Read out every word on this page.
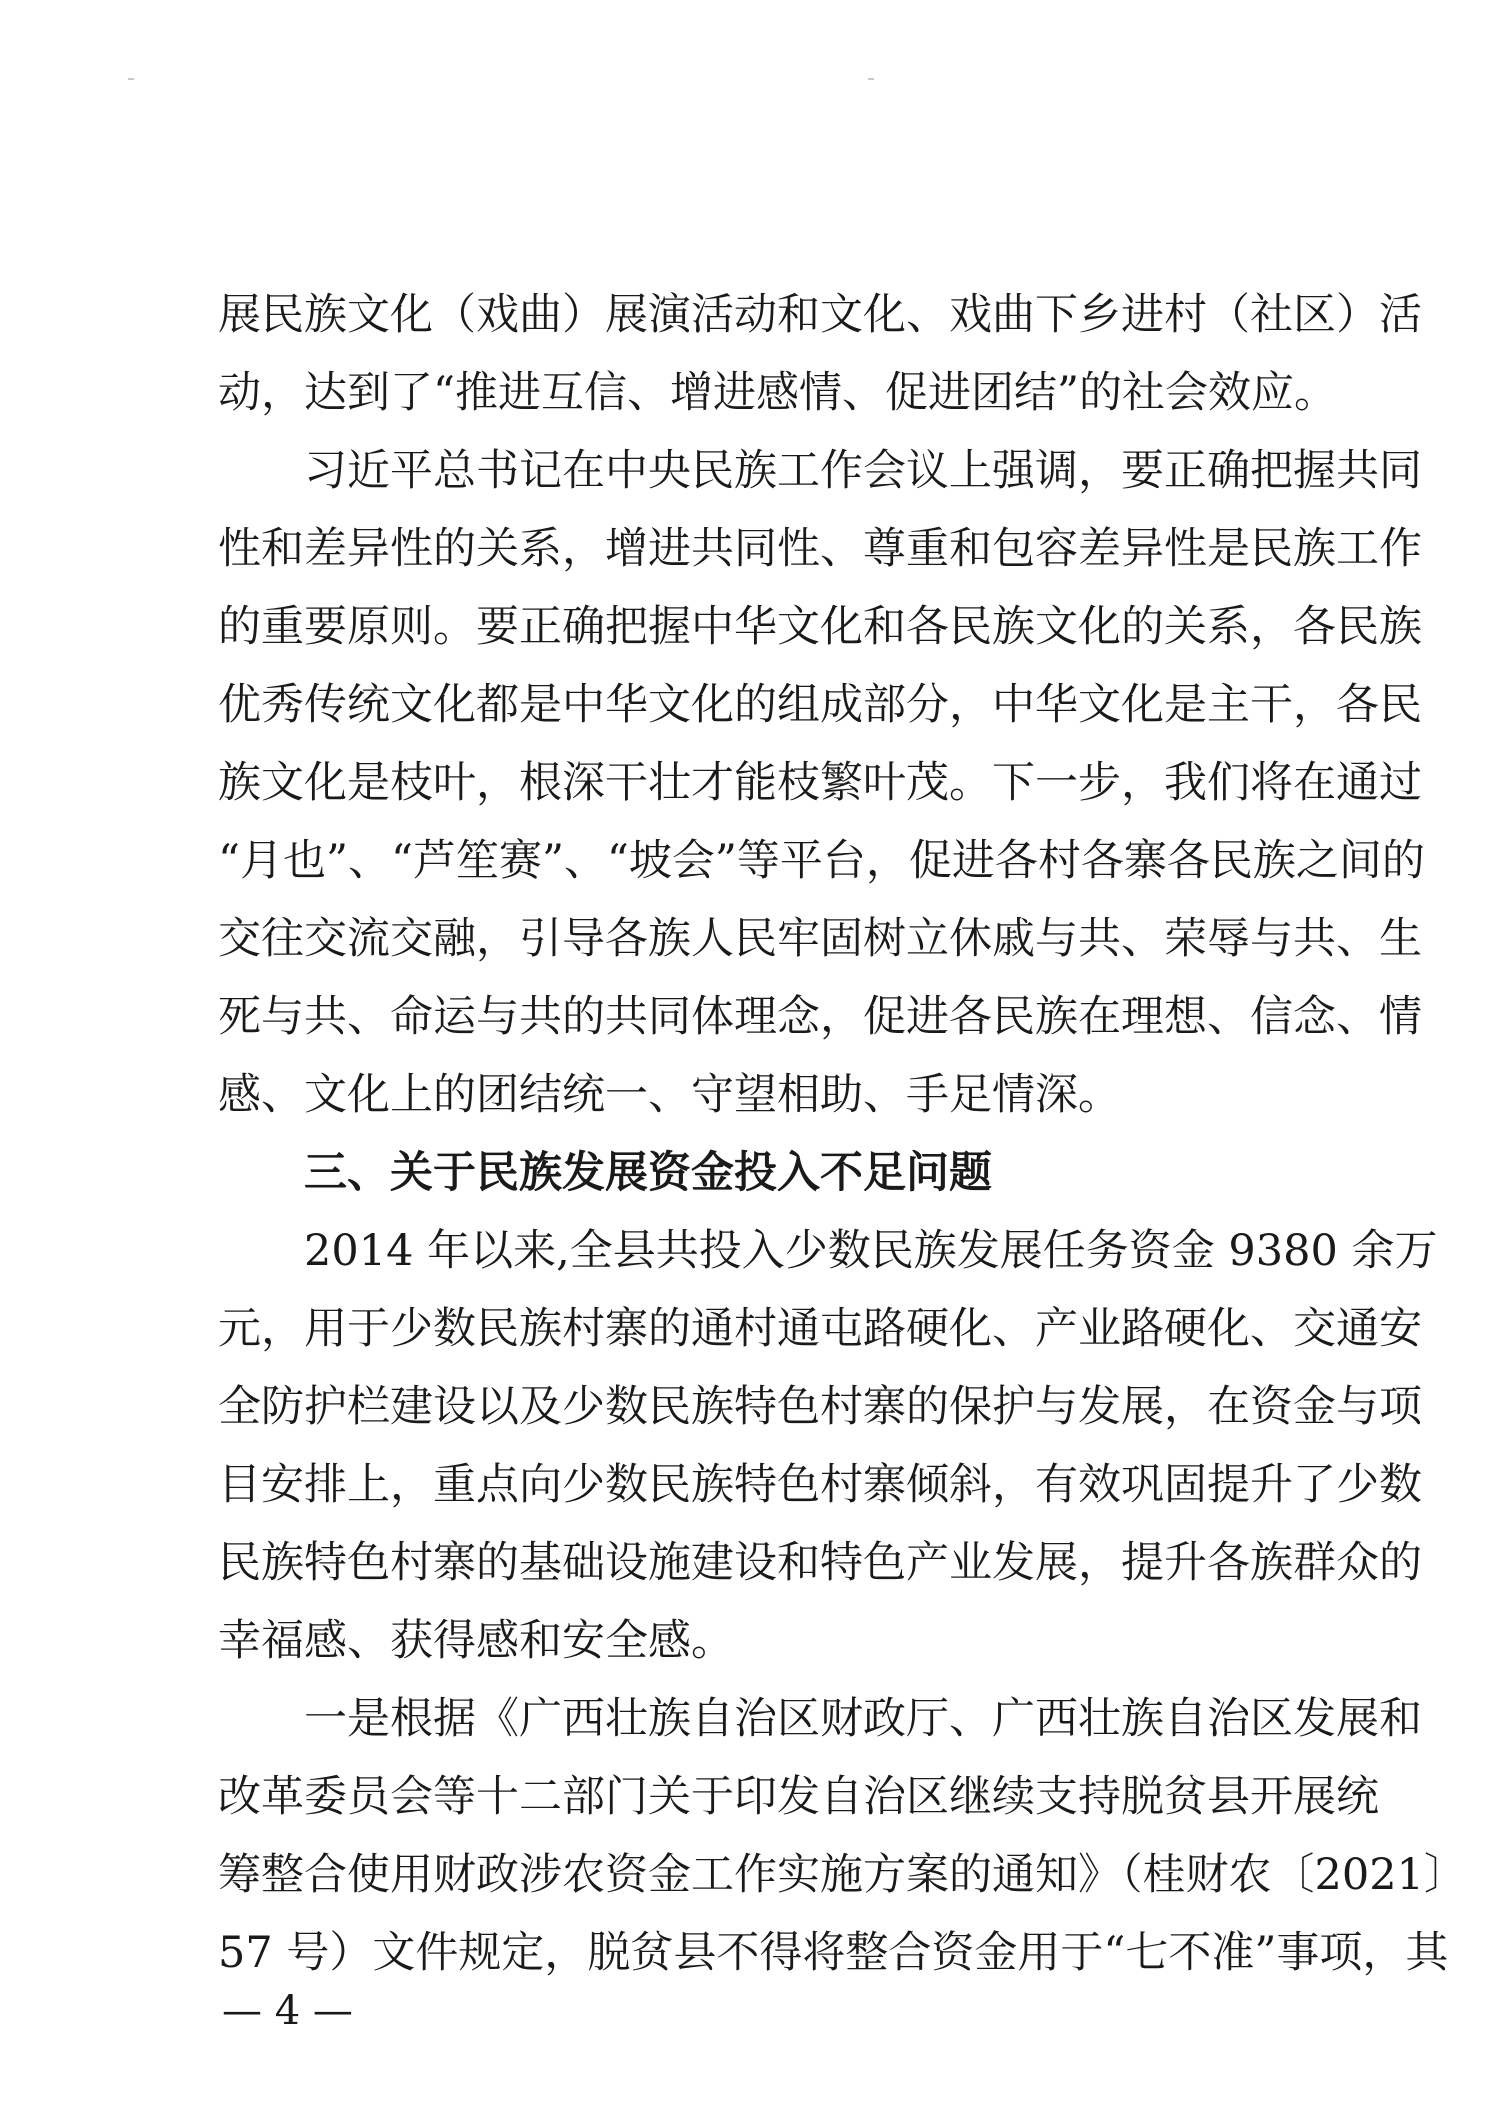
展民族文化（戏曲）展演活动和文化、戏曲下乡进村（社区）活
动，达到了“推进互信、增进感情、促进团结”的社会效应。
习近平总书记在中央民族工作会议上强调，要正确把握共同
性和差异性的关系，增进共同性、尊重和包容差异性是民族工作
的重要原则。要正确把握中华文化和各民族文化的关系，各民族
优秀传统文化都是中华文化的组成部分，中华文化是主干，各民
族文化是枝叶，根深干壮才能枝繁叶茂。下一步，我们将在通过
“月也”、“芦笙赛”、“坡会”等平台，促进各村各寨各民族之间的
交往交流交融，引导各族人民牢固树立休戚与共、荣辱与共、生
死与共、命运与共的共同体理念，促进各民族在理想、信念、情
感、文化上的团结统一、守望相助、手足情深。
三、关于民族发展资金投入不足问题
2014 年以来,全县共投入少数民族发展任务资金 9380 余万
元，用于少数民族村寨的通村通屯路硬化、产业路硬化、交通安
全防护栏建设以及少数民族特色村寨的保护与发展，在资金与项
目安排上，重点向少数民族特色村寨倾斜，有效巩固提升了少数
民族特色村寨的基础设施建设和特色产业发展，提升各族群众的
幸福感、获得感和安全感。
一是根据《广西壮族自治区财政厅、广西壮族自治区发展和
改革委员会等十二部门关于印发自治区继续支持脱贫县开展统
筹整合使用财政涉农资金工作实施方案的通知》（桂财农〔2021〕
57 号）文件规定，脱贫县不得将整合资金用于“七不准”事项，其
— 4 —
